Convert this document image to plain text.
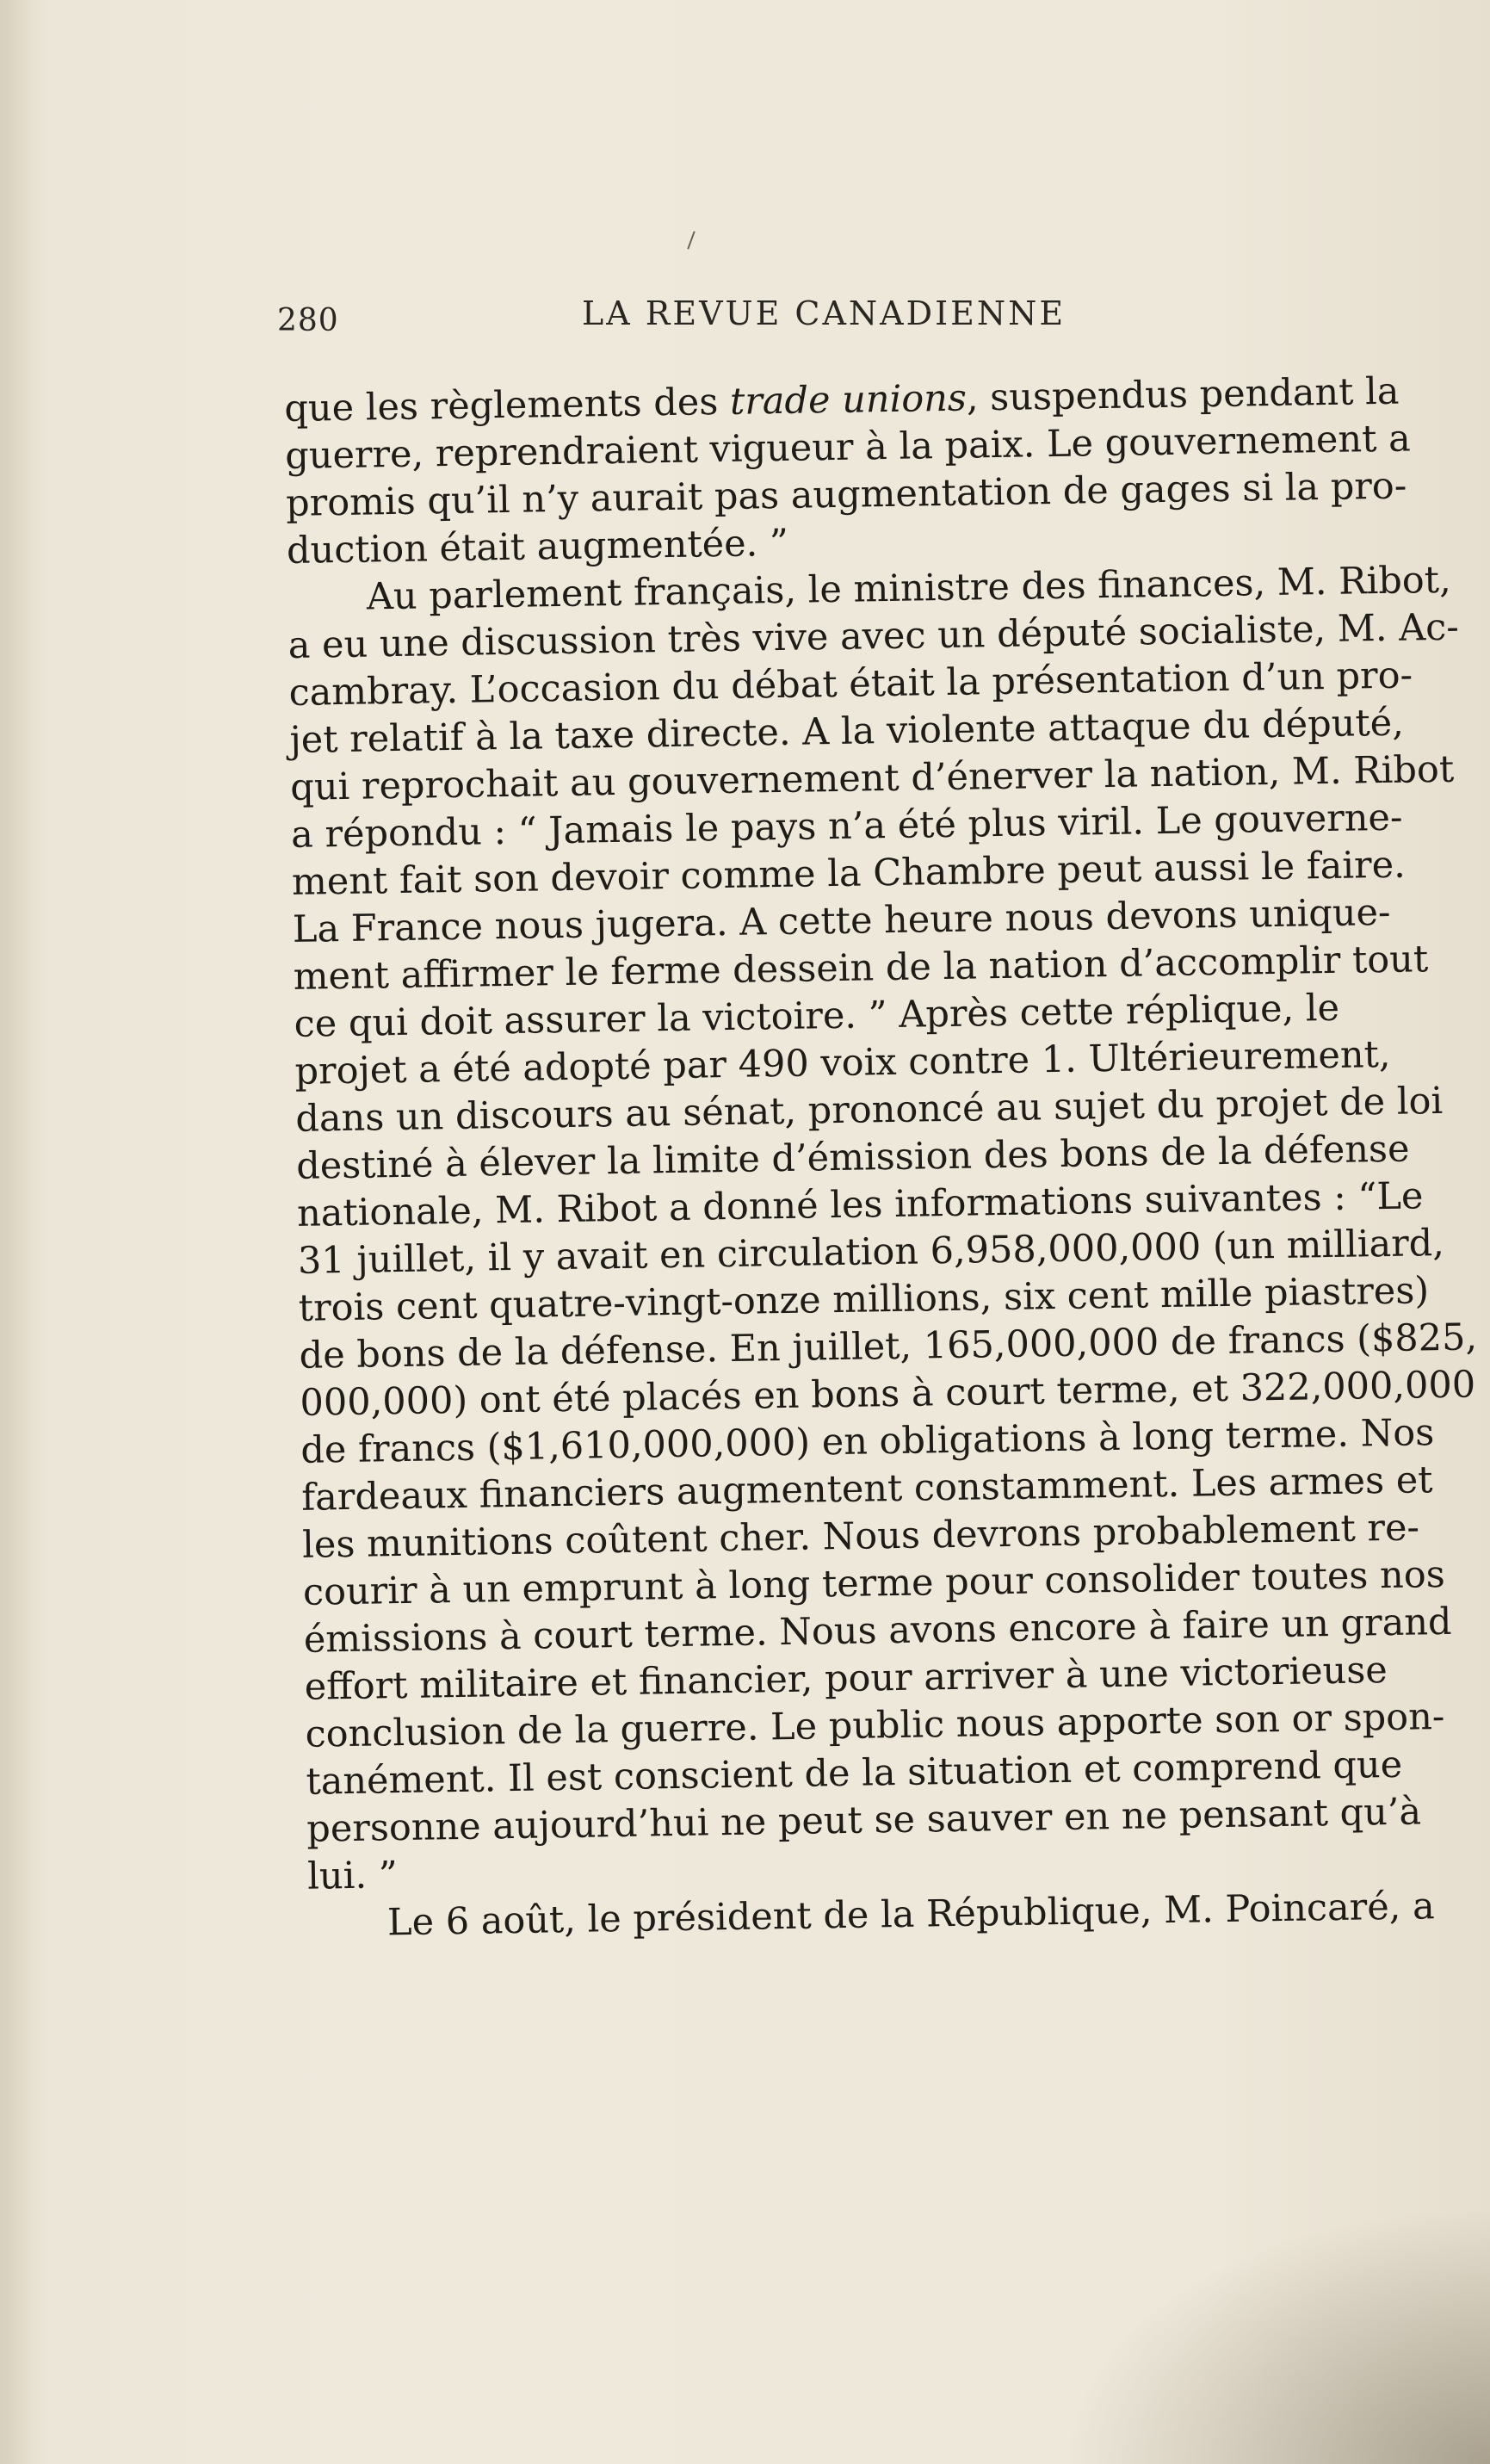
280	LA REVUE CANADIENNE
que les règlements des trade unions, suspendus pendant la
guerre, reprendraient vigueur à la paix. Le gouvernement a
promis qu’il n’y aurait pas augmentation de gages si la pro-
duction était augmentée. ”
Au parlement français, le ministre des finances, M. Ribot,
a eu une discussion très vive avec un député socialiste, M. Ac-
cambray. L’occasion du débat était la présentation d’un pro-
jet relatif à la taxe directe. A la violente attaque du député,
qui reprochait au gouvernement d’énerver la nation, M. Ribot
a répondu : “ Jamais le pays n’a été plus viril. Le gouverne-
ment fait son devoir comme la Chambre peut aussi le faire.
La France nous jugera. A cette heure nous devons unique-
ment affirmer le ferme dessein de la nation d’accomplir tout
ce qui doit assurer la victoire. ” Après cette réplique, le
projet a été adopté par 490 voix contre 1. Ultérieurement,
dans un discours au sénat, prononcé au sujet du projet de loi
destiné à élever la limite d’émission des bons de la défense
nationale, M. Ribot a donné les informations suivantes : “Le
31 juillet, il y avait en circulation 6,958,000,000 (un milliard,
trois cent quatre-vingt-onze millions, six cent mille piastres)
de bons de la défense. En juillet, 165,000,000 de francs ($825,
000,000) ont été placés en bons à court terme, et 322,000,000
de francs ($1,610,000,000) en obligations à long terme. Nos
fardeaux financiers augmentent constamment. Les armes et
les munitions coûtent cher. Nous devrons probablement re-
courir à un emprunt à long terme pour consolider toutes nos
émissions à court terme. Nous avons encore à faire un grand
effort militaire et financier, pour arriver à une victorieuse
conclusion de la guerre. Le public nous apporte son or spon-
tanément. Il est conscient de la situation et comprend que
personne aujourd’hui ne peut se sauver en ne pensant qu’à
lui. ”
Le 6 août, le président de la République, M. Poincaré, a
